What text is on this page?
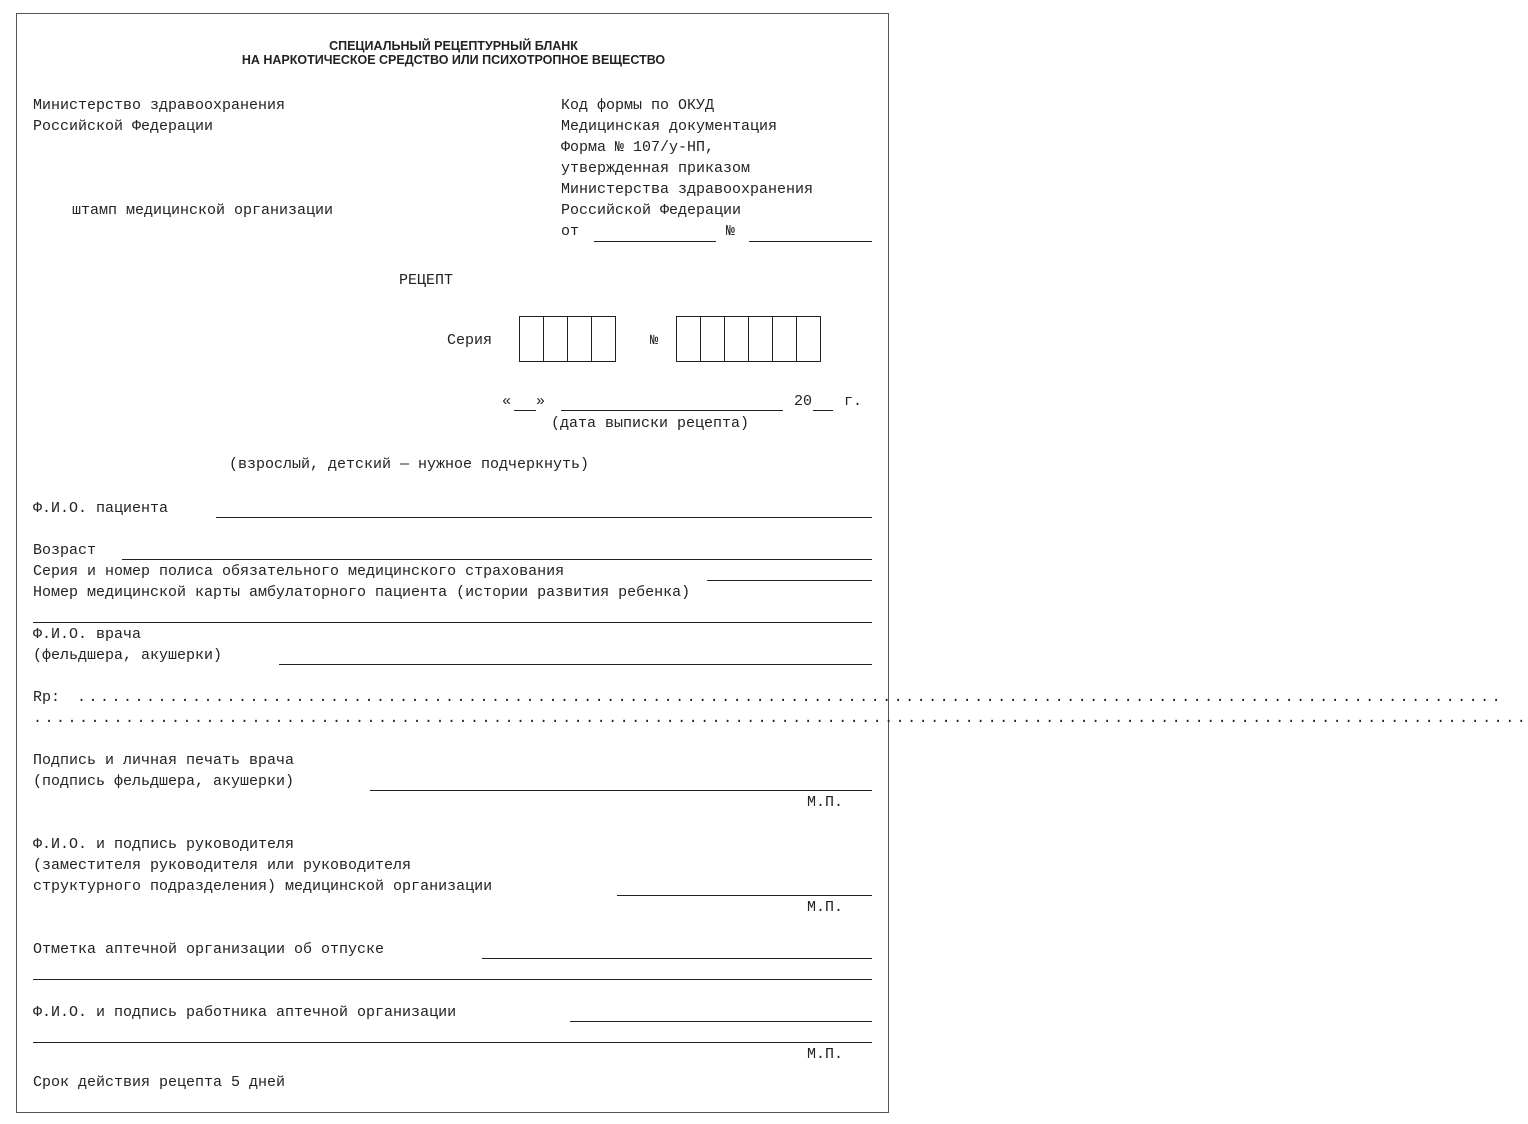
СПЕЦИАЛЬНЫЙ РЕЦЕПТУРНЫЙ БЛАНК
НА НАРКОТИЧЕСКОЕ СРЕДСТВО ИЛИ ПСИХОТРОПНОЕ ВЕЩЕСТВО
Министерство здравоохранения
Российской Федерации
штамп медицинской организации
Код формы по ОКУД
Медицинская документация
Форма № 107/у-НП,
утвержденная приказом
Министерства здравоохранения
Российской Федерации
от	№
РЕЦЕПТ
Серия	№
« »	20 г.
(дата выписки рецепта)
(взрослый, детский — нужное подчеркнуть)
Ф.И.О. пациента
Возраст
Серия и номер полиса обязательного медицинского страхования
Номер медицинской карты амбулаторного пациента (истории развития ребенка)
Ф.И.О. врача
(фельдшера, акушерки)
Rp: ............................................................................................................................
..................................................................................................................................
Подпись и личная печать врача
(подпись фельдшера, акушерки)
М.П.
Ф.И.О. и подпись руководителя
(заместителя руководителя или руководителя
структурного подразделения) медицинской организации
М.П.
Отметка аптечной организации об отпуске
Ф.И.О. и подпись работника аптечной организации
М.П.
Срок действия рецепта 5 дней
